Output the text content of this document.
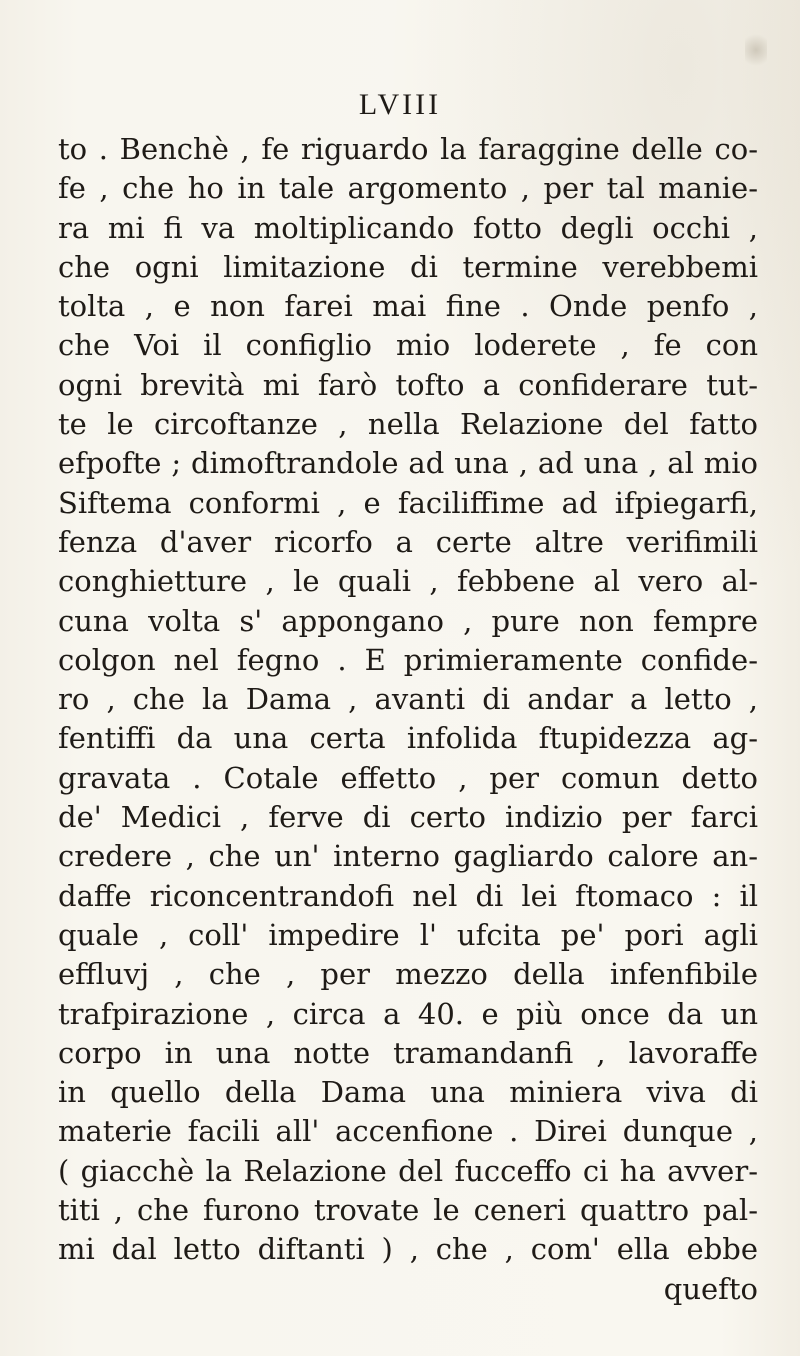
LVIII
to . Benchè , fe riguardo la faraggine delle co-
fe , che ho in tale argomento , per tal manie-
ra mi fi va moltiplicando fotto degli occhi ,
che ogni limitazione di termine verebbemi
tolta , e non farei mai fine . Onde penfo ,
che Voi il configlio mio loderete , fe con
ogni brevità mi farò tofto a confiderare tut-
te le circoftanze , nella Relazione del fatto
efpofte ; dimoftrandole ad una , ad una , al mio
Siftema conformi , e faciliffime ad ifpiegarfi,
fenza d'aver ricorfo a certe altre verifimili
conghietture , le quali , febbene al vero al-
cuna volta s' appongano , pure non fempre
colgon nel fegno . E primieramente confide-
ro , che la Dama , avanti di andar a letto ,
fentiffi da una certa infolida ftupidezza ag-
gravata . Cotale effetto , per comun detto
de' Medici , ferve di certo indizio per farci
credere , che un' interno gagliardo calore an-
daffe riconcentrandofi nel di lei ftomaco : il
quale , coll' impedire l' ufcita pe' pori agli
effluvj , che , per mezzo della infenfibile
trafpirazione , circa a 40. e più once da un
corpo in una notte tramandanfi , lavoraffe
in quello della Dama una miniera viva di
materie facili all' accenfione . Direi dunque ,
( giacchè la Relazione del fucceffo ci ha avver-
titi , che furono trovate le ceneri quattro pal-
mi dal letto diftanti ) , che , com' ella ebbe
quefto
